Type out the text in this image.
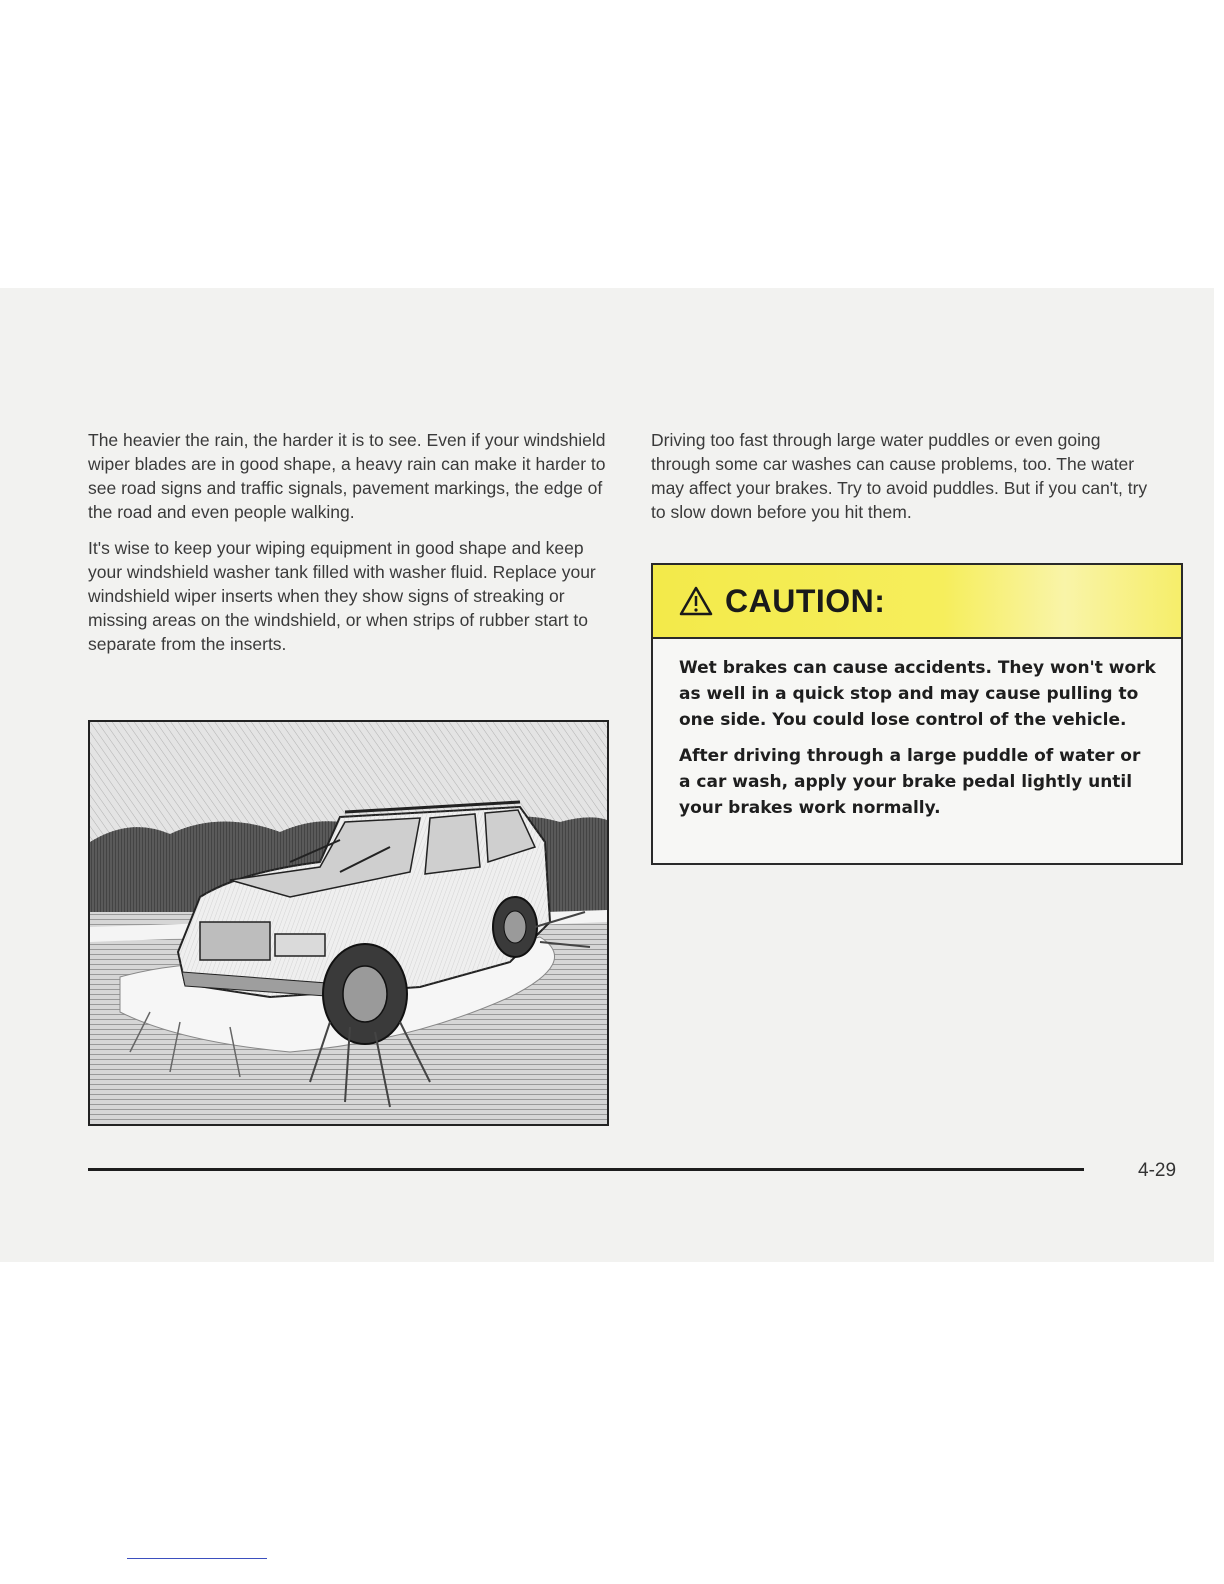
The heavier the rain, the harder it is to see. Even if your windshield wiper blades are in good shape, a heavy rain can make it harder to see road signs and traffic signals, pavement markings, the edge of the road and even people walking.

It's wise to keep your wiping equipment in good shape and keep your windshield washer tank filled with washer fluid. Replace your windshield wiper inserts when they show signs of streaking or missing areas on the windshield, or when strips of rubber start to separate from the inserts.

Driving too fast through large water puddles or even going through some car washes can cause problems, too. The water may affect your brakes. Try to avoid puddles. But if you can't, try to slow down before you hit them.

CAUTION:

Wet brakes can cause accidents. They won't work as well in a quick stop and may cause pulling to one side. You could lose control of the vehicle.

After driving through a large puddle of water or a car wash, apply your brake pedal lightly until your brakes work normally.

4-29
